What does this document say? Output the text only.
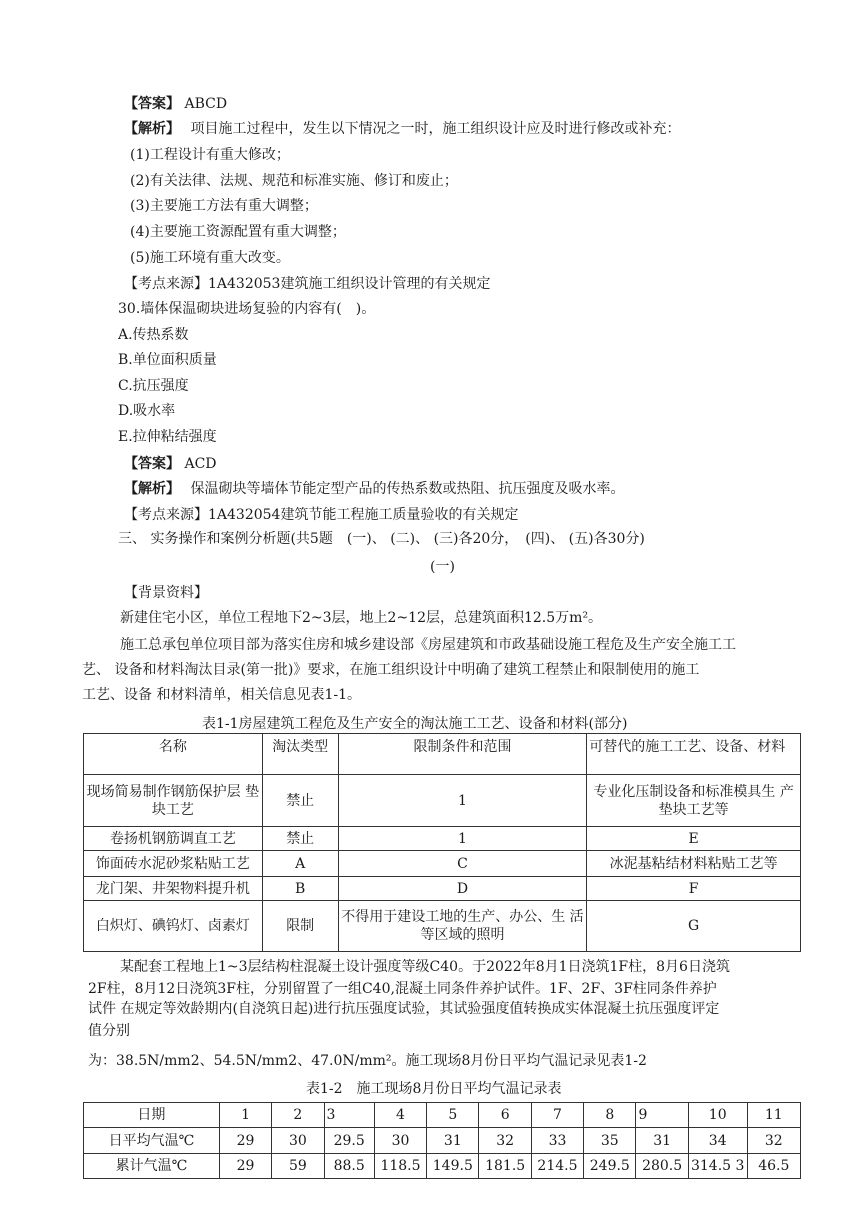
【答案】 ABCD
【解析】 项目施工过程中，发生以下情况之一时，施工组织设计应及时进行修改或补充：
(1)工程设计有重大修改；
(2)有关法律、法规、规范和标准实施、修订和废止；
(3)主要施工方法有重大调整；
(4)主要施工资源配置有重大调整；
(5)施工环境有重大改变。
【考点来源】1A432053建筑施工组织设计管理的有关规定
30.墙体保温砌块进场复验的内容有(　)。
A.传热系数
B.单位面积质量
C.抗压强度
D.吸水率
E.拉伸粘结强度
【答案】 ACD
【解析】 保温砌块等墙体节能定型产品的传热系数或热阻、抗压强度及吸水率。
【考点来源】1A432054建筑节能工程施工质量验收的有关规定
三、 实务操作和案例分析题(共5题　(一)、 (二)、 (三)各20分，　(四)、 (五)各30分)
(一)
【背景资料】
新建住宅小区，单位工程地下2~3层，地上2~12层，总建筑面积12.5万m²。
施工总承包单位项目部为落实住房和城乡建设部《房屋建筑和市政基础设施工程危及生产安全施工工
艺、 设备和材料淘汰目录(第一批)》要求，在施工组织设计中明确了建筑工程禁止和限制使用的施工
工艺、设备 和材料清单，相关信息见表1-1。
表1-1房屋建筑工程危及生产安全的淘汰施工工艺、设备和材料(部分)
名称	淘汰类型	限制条件和范围	可替代的施工工艺、设备、材料
现场简易制作钢筋保护层 垫块工艺	禁止	1	专业化压制设备和标准模具生 产垫块工艺等
卷扬机钢筋调直工艺	禁止	1	E
饰面砖水泥砂浆粘贴工艺	A	C	冰泥基粘结材料粘贴工艺等
龙门架、井架物料提升机	B	D	F
白炽灯、碘钨灯、卤素灯	限制	不得用于建设工地的生产、办公、生 活等区域的照明	G
某配套工程地上1~3层结构柱混凝土设计强度等级C40。于2022年8月1日浇筑1F柱，8月6日浇筑
2F柱，8月12日浇筑3F柱，分别留置了一组C40,混凝土同条件养护试件。1F、2F、3F柱同条件养护
试件 在规定等效龄期内(自浇筑日起)进行抗压强度试验，其试验强度值转换成实体混凝土抗压强度评定
值分别
为：38.5N/mm2、54.5N/mm2、47.0N/mm²。施工现场8月份日平均气温记录见表1-2
表1-2　施工现场8月份日平均气温记录表
日期	1	2	3	4	5	6	7	8	9	10	11
日平均气温℃	29	30	29.5	30	31	32	33	35	31	34	32
累计气温℃	29	59	88.5	118.5	149.5	181.5	214.5	249.5	280.5	314.5 3	46.5
